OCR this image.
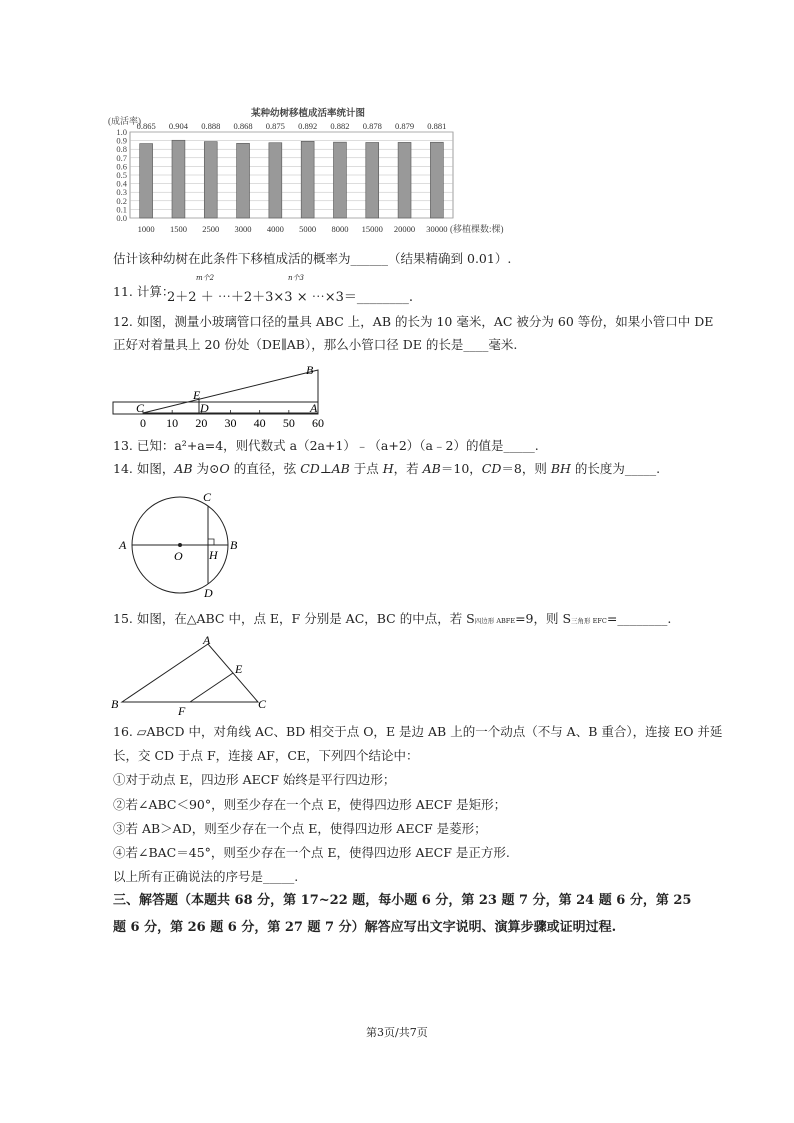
某种幼树移植成活率统计图
(成活率)
1.0
0.9
0.8
0.7
0.6
0.5
0.4
0.3
0.2
0.1
0.0
0.865
1000
0.904
1500
0.888
2500
0.868
3000
0.875
4000
0.892
5000
0.882
8000
0.878
15000
0.879
20000
0.881
30000 (移植棵数:棵)
估计该种幼树在此条件下移植成活的概率为______（结果精确到 0.01）.
11. 计算：
m个2	n个3
2＋2 ＋ ⋯＋2＋3×3 × ⋯×3＝________.
12. 如图，测量小玻璃管口径的量具 ABC 上，AB 的长为 10 毫米，AC 被分为 60 等份，如果小管口中 DE
正好对着量具上 20 份处（DE∥AB），那么小管口径 DE 的长是____毫米.
C
E
D
B
A
0 10 20 30 40 50 60
13. 已知：a²+a=4，则代数式 a（2a+1）﹣（a+2）（a﹣2）的值是_____.
14. 如图，AB 为⊙O 的直径，弦 CD⊥AB 于点 H，若 AB＝10，CD＝8，则 BH 的长度为_____.
A	B
C
D
O H
15. 如图，在△ABC 中，点 E，F 分别是 AC，BC 的中点，若 S四边形 ABFE=9，则 S三角形 EFC=________.
A
B	C
E
F
16. ▱ABCD 中，对角线 AC、BD 相交于点 O，E 是边 AB 上的一个动点（不与 A、B 重合），连接 EO 并延
长，交 CD 于点 F，连接 AF，CE，下列四个结论中：
①对于动点 E，四边形 AECF 始终是平行四边形；
②若∠ABC＜90°，则至少存在一个点 E，使得四边形 AECF 是矩形；
③若 AB＞AD，则至少存在一个点 E，使得四边形 AECF 是菱形；
④若∠BAC＝45°，则至少存在一个点 E，使得四边形 AECF 是正方形.
以上所有正确说法的序号是_____.
三、解答题（本题共 68 分，第 17~22 题，每小题 6 分，第 23 题 7 分，第 24 题 6 分，第 25
题 6 分，第 26 题 6 分，第 27 题 7 分）解答应写出文字说明、演算步骤或证明过程.
第3页/共7页
